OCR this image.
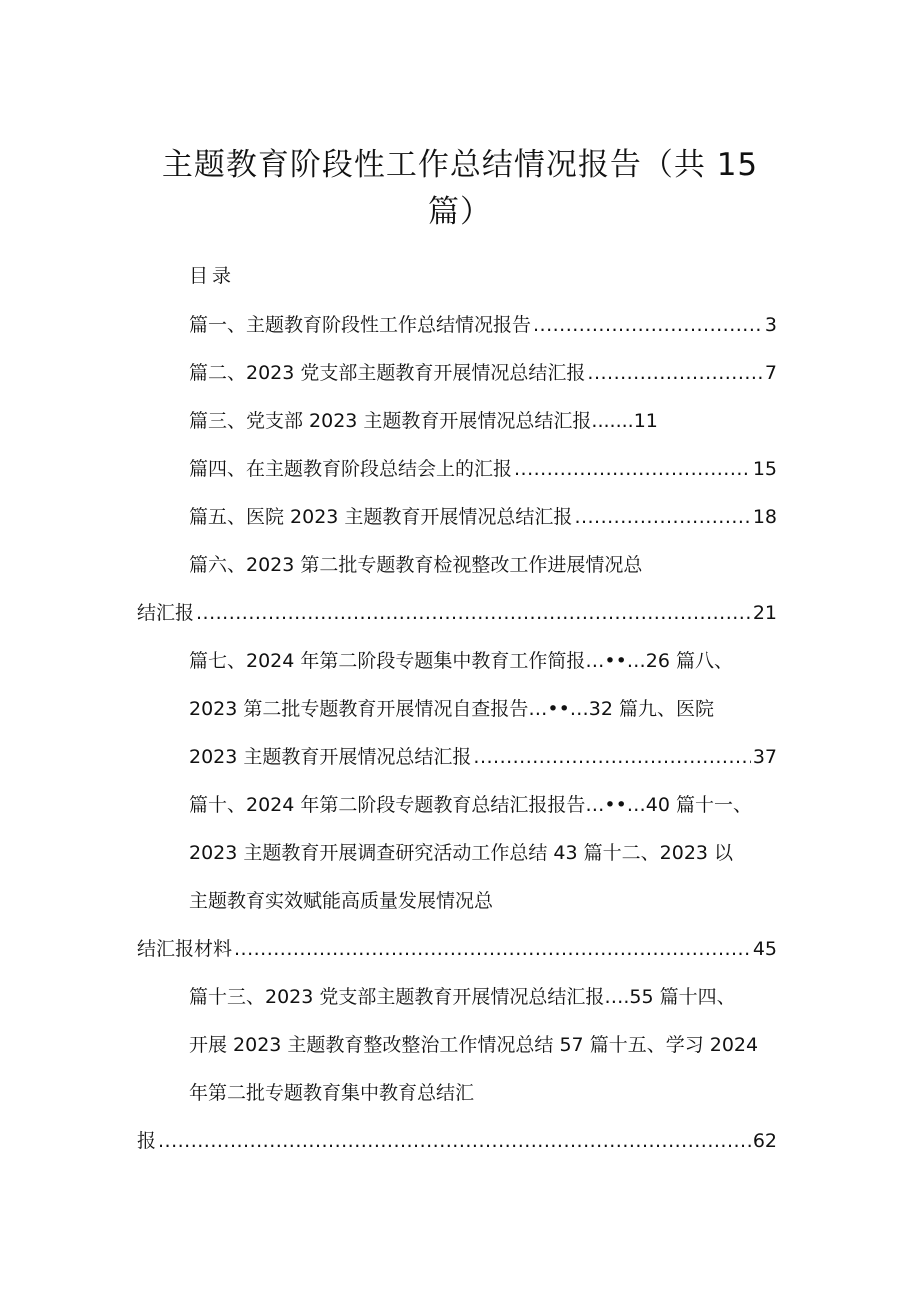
主题教育阶段性工作总结情况报告（共 15
篇）
目录
篇一、主题教育阶段性工作总结情况报告 .....	3
篇二、2023 党支部主题教育开展情况总结汇报 .....	7
篇三、党支部 2023 主题教育开展情况总结汇报.......11
篇四、在主题教育阶段总结会上的汇报 .....	15
篇五、医院 2023 主题教育开展情况总结汇报 .....	18
篇六、2023 第二批专题教育检视整改工作进展情况总
结汇报 .....	21
篇七、2024 年第二阶段专题集中教育工作简报…••…26 篇八、
2023 第二批专题教育开展情况自查报告…••…32 篇九、医院
2023 主题教育开展情况总结汇报 .....	37
篇十、2024 年第二阶段专题教育总结汇报报告…••…40 篇十一、
2023 主题教育开展调查研究活动工作总结 43 篇十二、2023 以
主题教育实效赋能高质量发展情况总
结汇报材料 .....	45
篇十三、2023 党支部主题教育开展情况总结汇报….55 篇十四、
开展 2023 主题教育整改整治工作情况总结 57 篇十五、学习 2024
年第二批专题教育集中教育总结汇
报 .....	62
